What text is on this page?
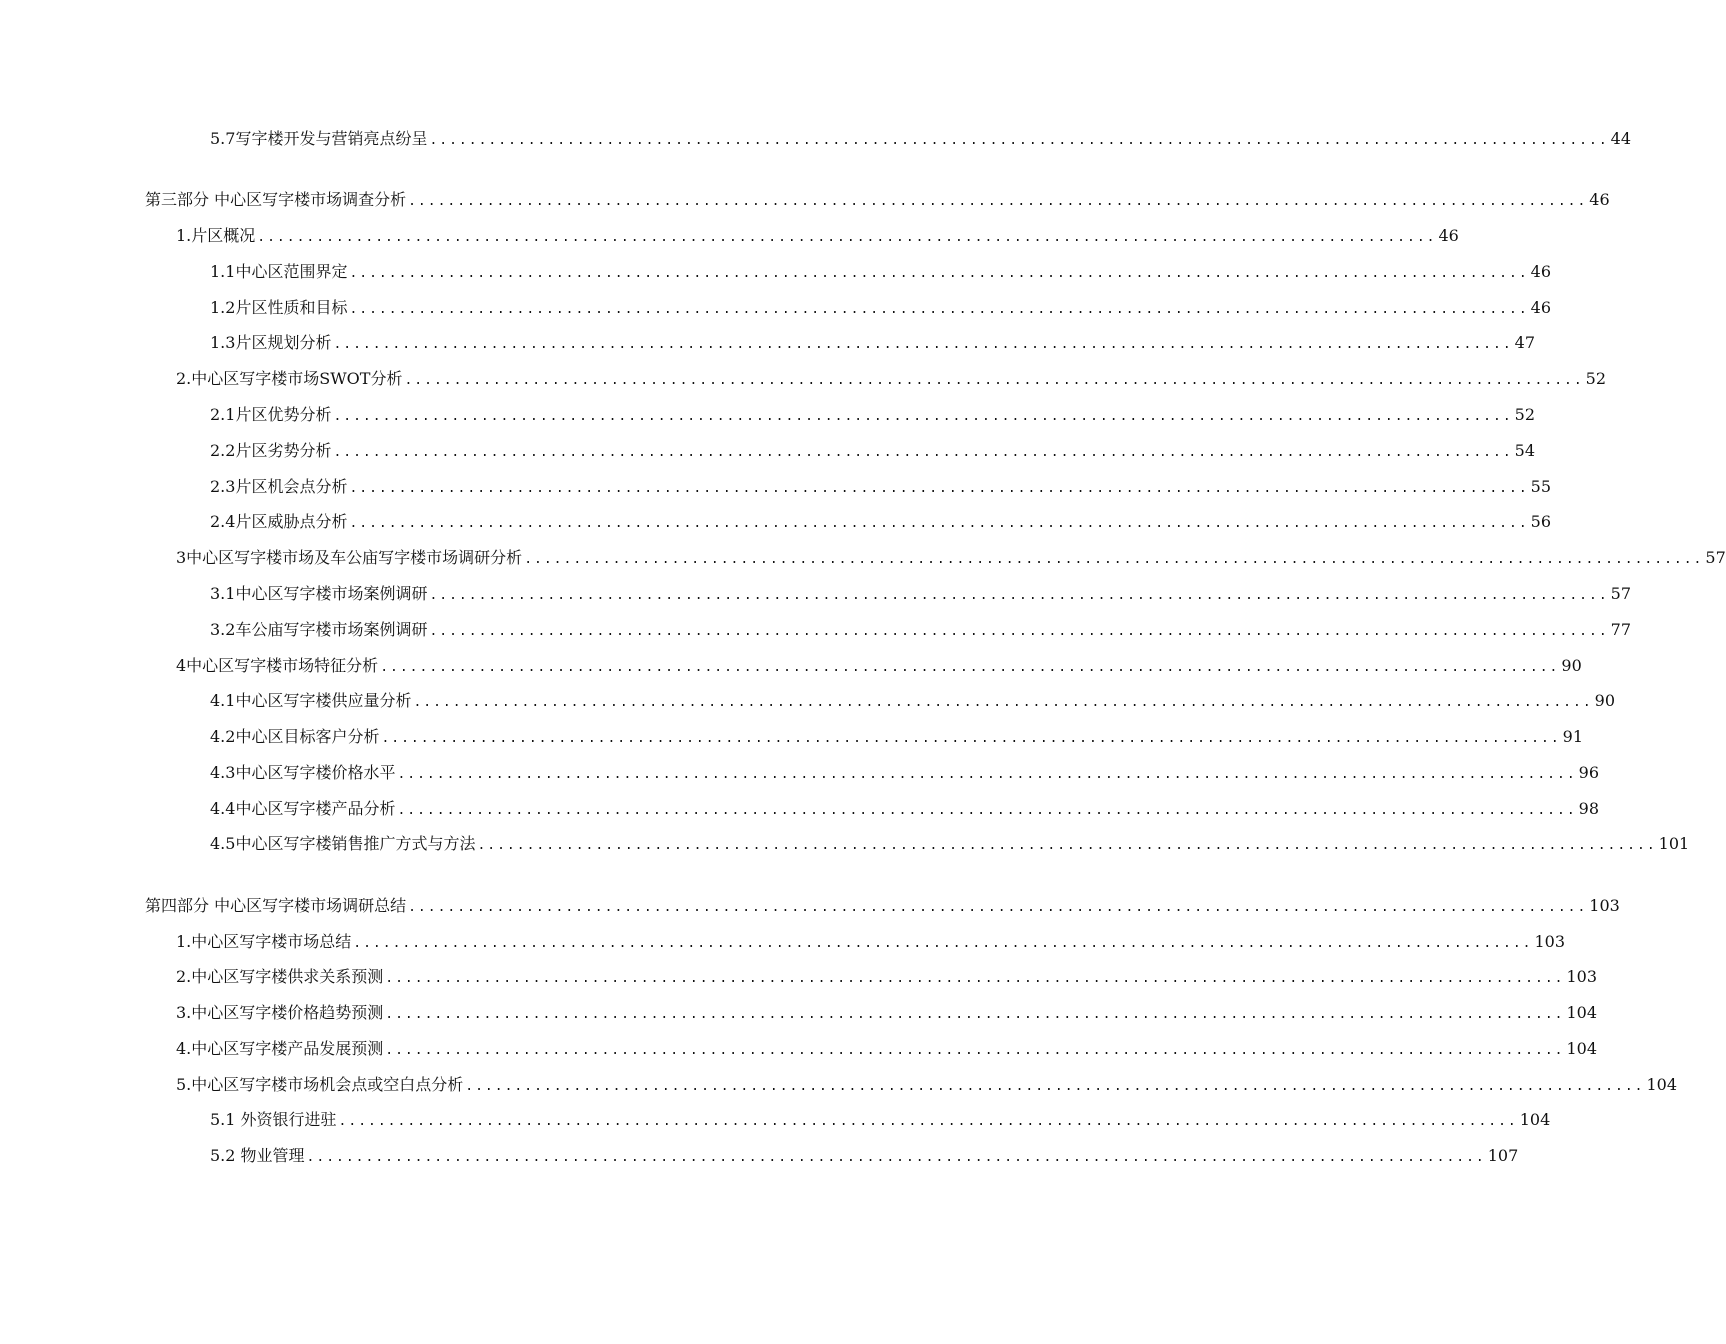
5.7写字楼开发与营销亮点纷呈 ........................................................................................................................ 44
第三部分 中心区写字楼市场调查分析 ........................................................................................................................ 46
1.片区概况 ........................................................................................................................ 46
1.1中心区范围界定 ........................................................................................................................ 46
1.2片区性质和目标 ........................................................................................................................ 46
1.3片区规划分析 ........................................................................................................................ 47
2.中心区写字楼市场SWOT分析 ........................................................................................................................ 52
2.1片区优势分析 ........................................................................................................................ 52
2.2片区劣势分析 ........................................................................................................................ 54
2.3片区机会点分析 ........................................................................................................................ 55
2.4片区威胁点分析 ........................................................................................................................ 56
3中心区写字楼市场及车公庙写字楼市场调研分析 ........................................................................................................................ 57
3.1中心区写字楼市场案例调研 ........................................................................................................................ 57
3.2车公庙写字楼市场案例调研 ........................................................................................................................ 77
4中心区写字楼市场特征分析 ........................................................................................................................ 90
4.1中心区写字楼供应量分析 ........................................................................................................................ 90
4.2中心区目标客户分析 ........................................................................................................................ 91
4.3中心区写字楼价格水平 ........................................................................................................................ 96
4.4中心区写字楼产品分析 ........................................................................................................................ 98
4.5中心区写字楼销售推广方式与方法 ........................................................................................................................ 101
第四部分 中心区写字楼市场调研总结 ........................................................................................................................ 103
1.中心区写字楼市场总结 ........................................................................................................................ 103
2.中心区写字楼供求关系预测 ........................................................................................................................ 103
3.中心区写字楼价格趋势预测 ........................................................................................................................ 104
4.中心区写字楼产品发展预测 ........................................................................................................................ 104
5.中心区写字楼市场机会点或空白点分析 ........................................................................................................................ 104
5.1 外资银行进驻 ........................................................................................................................ 104
5.2 物业管理 ........................................................................................................................ 107
